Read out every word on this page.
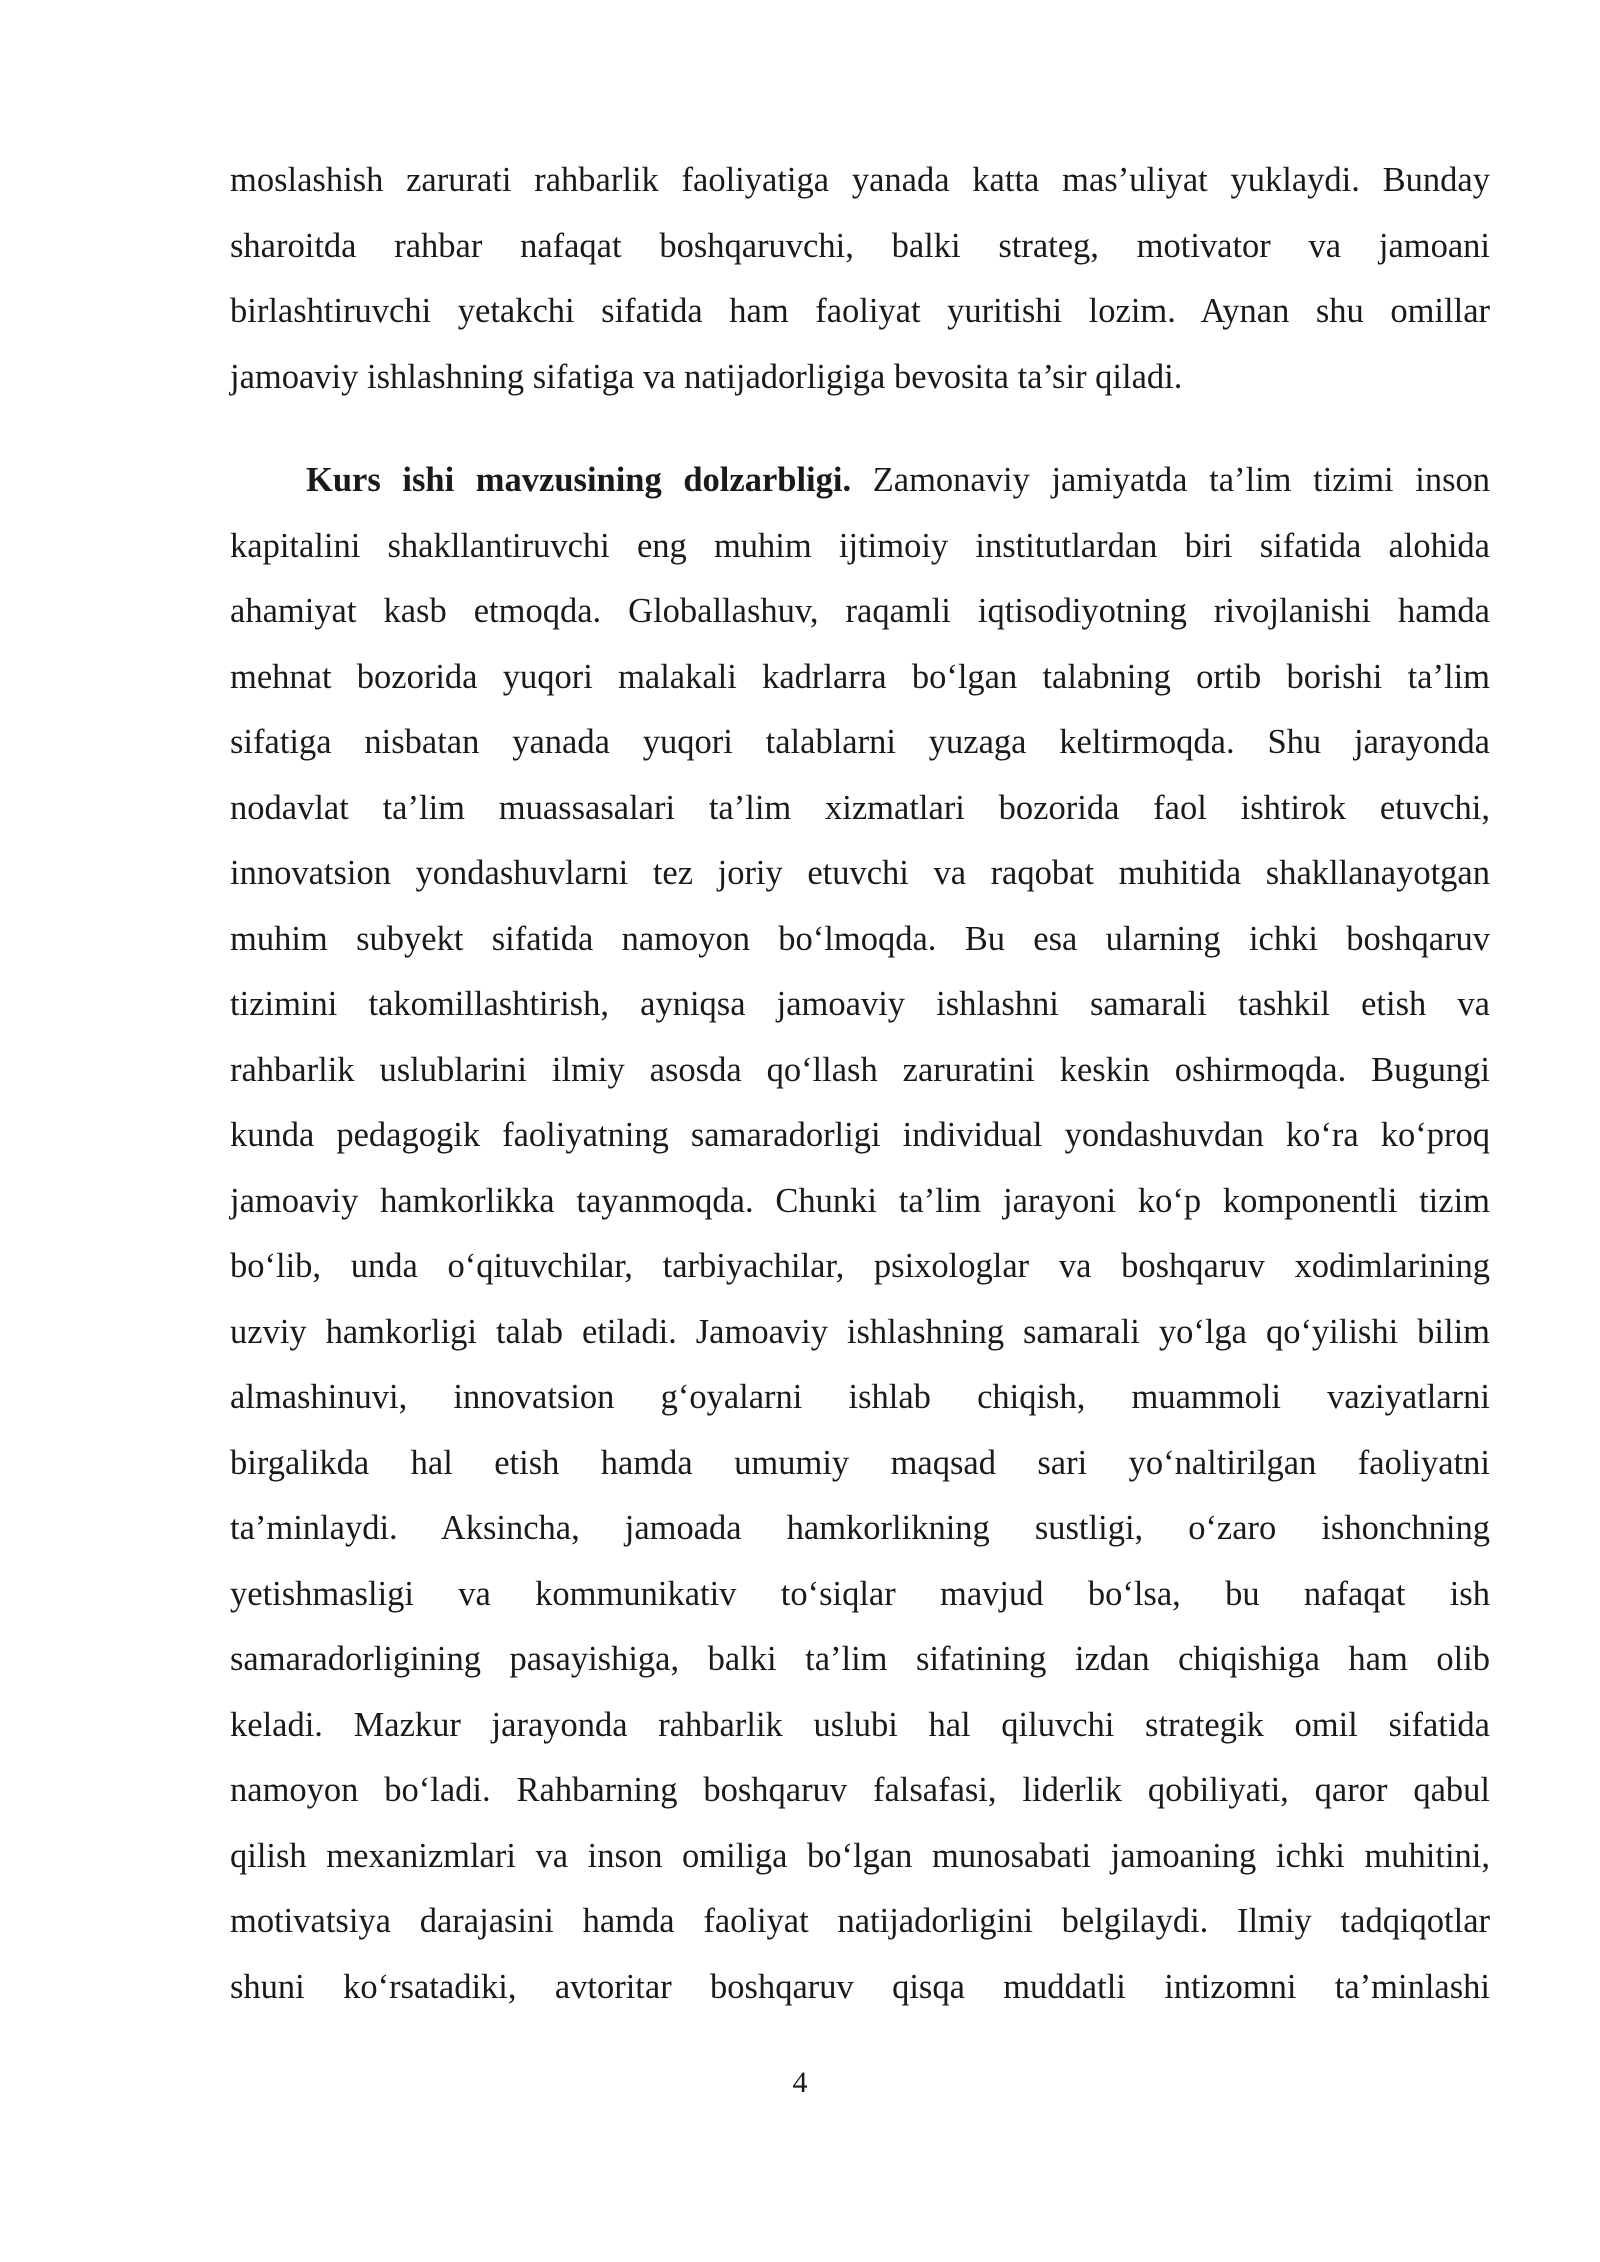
moslashish zarurati rahbarlik faoliyatiga yanada katta mas’uliyat yuklaydi. Bunday
sharoitda rahbar nafaqat boshqaruvchi, balki strateg, motivator va jamoani
birlashtiruvchi yetakchi sifatida ham faoliyat yuritishi lozim. Aynan shu omillar
jamoaviy ishlashning sifatiga va natijadorligiga bevosita ta’sir qiladi.
Kurs ishi mavzusining dolzarbligi. Zamonaviy jamiyatda ta’lim tizimi inson
kapitalini shakllantiruvchi eng muhim ijtimoiy institutlardan biri sifatida alohida
ahamiyat kasb etmoqda. Globallashuv, raqamli iqtisodiyotning rivojlanishi hamda
mehnat bozorida yuqori malakali kadrlarra boʻlgan talabning ortib borishi ta’lim
sifatiga nisbatan yanada yuqori talablarni yuzaga keltirmoqda. Shu jarayonda
nodavlat ta’lim muassasalari ta’lim xizmatlari bozorida faol ishtirok etuvchi,
innovatsion yondashuvlarni tez joriy etuvchi va raqobat muhitida shakllanayotgan
muhim subyekt sifatida namoyon boʻlmoqda. Bu esa ularning ichki boshqaruv
tizimini takomillashtirish, ayniqsa jamoaviy ishlashni samarali tashkil etish va
rahbarlik uslublarini ilmiy asosda qoʻllash zaruratini keskin oshirmoqda. Bugungi
kunda pedagogik faoliyatning samaradorligi individual yondashuvdan koʻra koʻproq
jamoaviy hamkorlikka tayanmoqda. Chunki ta’lim jarayoni koʻp komponentli tizim
boʻlib, unda oʻqituvchilar, tarbiyachilar, psixologlar va boshqaruv xodimlarining
uzviy hamkorligi talab etiladi. Jamoaviy ishlashning samarali yoʻlga qoʻyilishi bilim
almashinuvi, innovatsion gʻoyalarni ishlab chiqish, muammoli vaziyatlarni
birgalikda hal etish hamda umumiy maqsad sari yoʻnaltirilgan faoliyatni
ta’minlaydi. Aksincha, jamoada hamkorlikning sustligi, oʻzaro ishonchning
yetishmasligi va kommunikativ toʻsiqlar mavjud boʻlsa, bu nafaqat ish
samaradorligining pasayishiga, balki ta’lim sifatining izdan chiqishiga ham olib
keladi. Mazkur jarayonda rahbarlik uslubi hal qiluvchi strategik omil sifatida
namoyon boʻladi. Rahbarning boshqaruv falsafasi, liderlik qobiliyati, qaror qabul
qilish mexanizmlari va inson omiliga boʻlgan munosabati jamoaning ichki muhitini,
motivatsiya darajasini hamda faoliyat natijadorligini belgilaydi. Ilmiy tadqiqotlar
shuni koʻrsatadiki, avtoritar boshqaruv qisqa muddatli intizomni ta’minlashi
4
